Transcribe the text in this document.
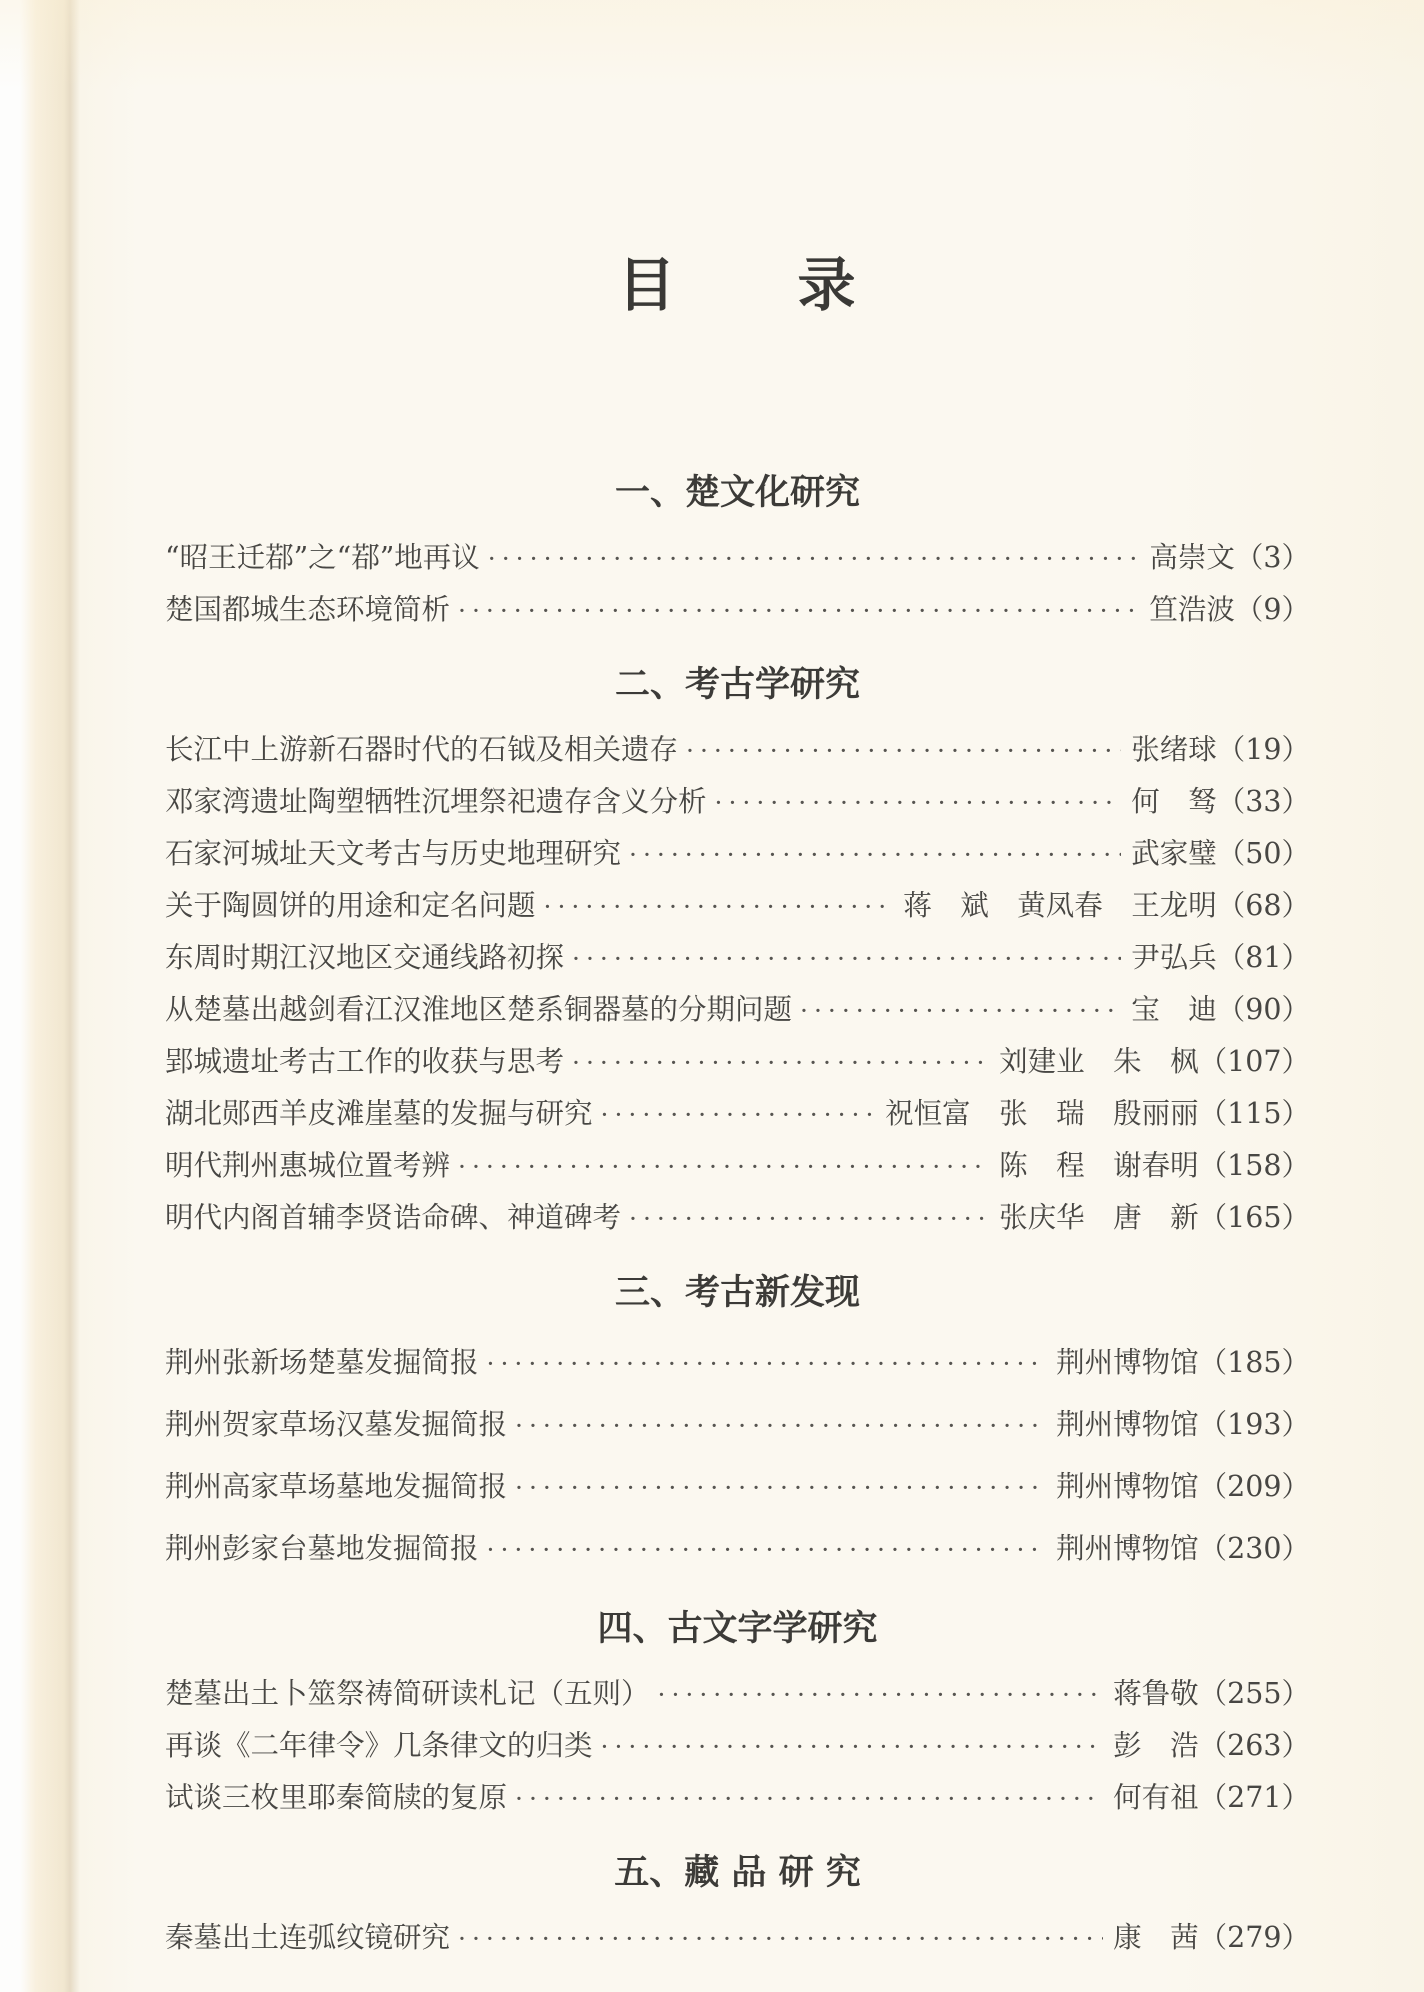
目　　录
一、楚文化研究
“昭王迁鄀”之“鄀”地再议 ·····	高崇文（3）
楚国都城生态环境简析 ·····	笪浩波（9）
二、考古学研究
长江中上游新石器时代的石钺及相关遗存 ·····	张绪球（19）
邓家湾遗址陶塑牺牲沉埋祭祀遗存含义分析 ·····	何　驽（33）
石家河城址天文考古与历史地理研究 ·····	武家璧（50）
关于陶圆饼的用途和定名问题 ·····	蒋　斌　黄凤春　王龙明（68）
东周时期江汉地区交通线路初探 ·····	尹弘兵（81）
从楚墓出越剑看江汉淮地区楚系铜器墓的分期问题 ·····	宝　迪（90）
郢城遗址考古工作的收获与思考 ·····	刘建业　朱　枫（107）
湖北郧西羊皮滩崖墓的发掘与研究 ·····	祝恒富　张　瑞　殷丽丽（115）
明代荆州惠城位置考辨 ·····	陈　程　谢春明（158）
明代内阁首辅李贤诰命碑、神道碑考 ·····	张庆华　唐　新（165）
三、考古新发现
荆州张新场楚墓发掘简报 ·····	荆州博物馆（185）
荆州贺家草场汉墓发掘简报 ·····	荆州博物馆（193）
荆州高家草场墓地发掘简报 ·····	荆州博物馆（209）
荆州彭家台墓地发掘简报 ·····	荆州博物馆（230）
四、古文字学研究
楚墓出土卜筮祭祷简研读札记（五则） ·····	蒋鲁敬（255）
再谈《二年律令》几条律文的归类 ·····	彭　浩（263）
试谈三枚里耶秦简牍的复原 ·····	何有祖（271）
五、藏 品 研 究
秦墓出土连弧纹镜研究 ·····	康　茜（279）
